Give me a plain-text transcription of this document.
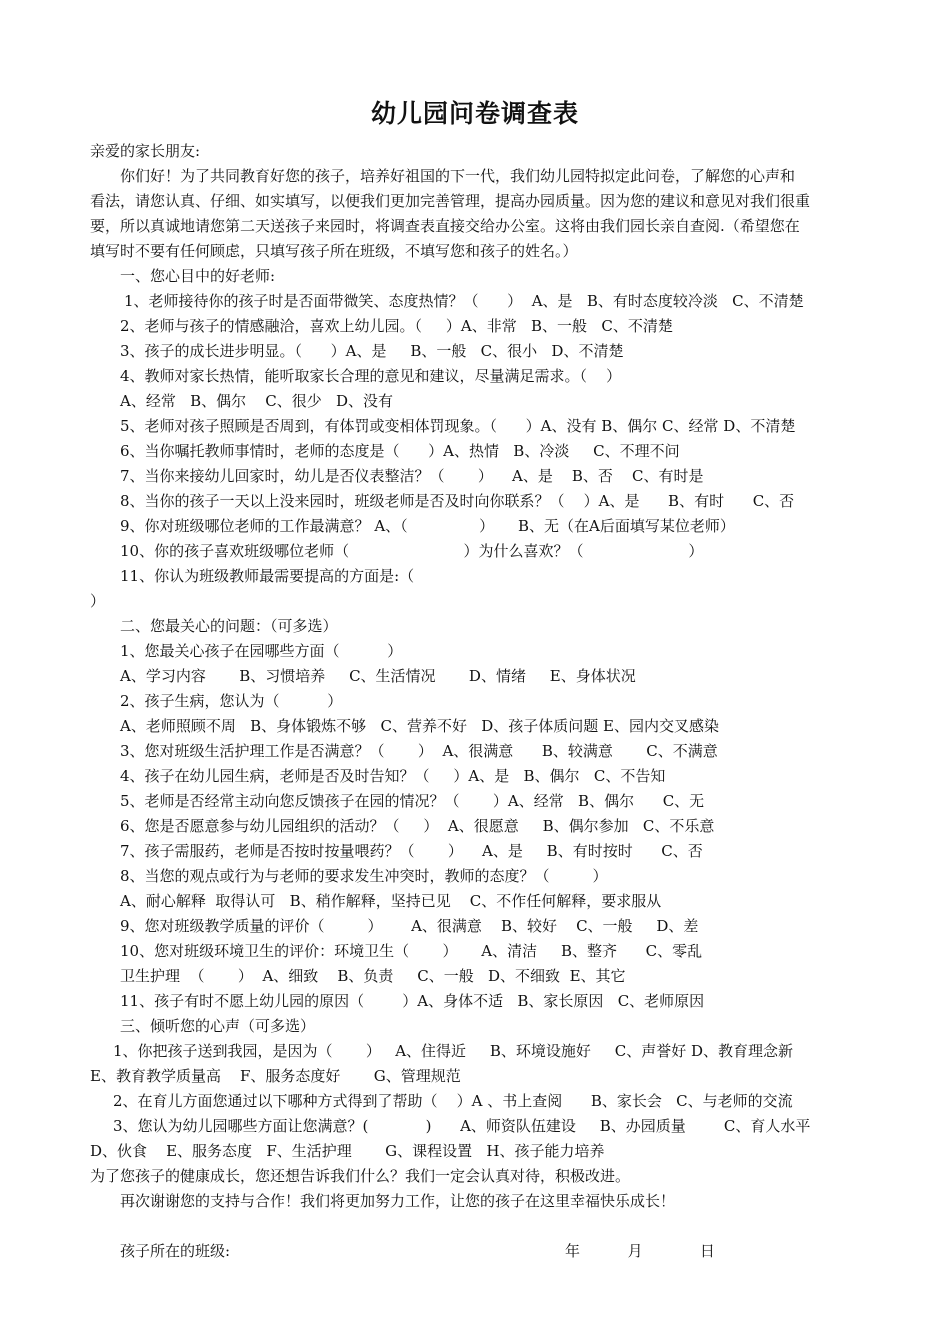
幼儿园问卷调查表
亲爱的家长朋友:
你们好！为了共同教育好您的孩子，培养好祖国的下一代，我们幼儿园特拟定此问卷，了解您的心声和
看法，请您认真、仔细、如实填写，以便我们更加完善管理，提高办园质量。因为您的建议和意见对我们很重
要，所以真诚地请您第二天送孩子来园时，将调查表直接交给办公室。这将由我们园长亲自查阅.（希望您在
填写时不要有任何顾虑，只填写孩子所在班级，不填写您和孩子的姓名。）
一、您心目中的好老师:
1、老师接待你的孩子时是否面带微笑、态度热情？（      ）  A、是   B、有时态度较冷淡   C、不清楚
2、老师与孩子的情感融洽，喜欢上幼儿园。（     ）A、非常   B、一般   C、不清楚
3、孩子的成长进步明显。（      ）A、是     B、一般   C、很小   D、不清楚
4、教师对家长热情，能听取家长合理的意见和建议，尽量满足需求。（    ）
A、经常   B、偶尔    C、很少   D、没有
5、老师对孩子照顾是否周到，有体罚或变相体罚现象。（      ）A、没有 B、偶尔 C、经常 D、不清楚
6、当你嘱托教师事情时，老师的态度是（      ）A、热情   B、冷淡     C、不理不问
7、当你来接幼儿回家时，幼儿是否仪表整洁？（       ）    A、是    B、否    C、有时是
8、当你的孩子一天以上没来园时，班级老师是否及时向你联系？（    ）A、是      B、有时      C、否
9、你对班级哪位老师的工作最满意？ A、（               ）     B、无（在A后面填写某位老师）
10、你的孩子喜欢班级哪位老师（                        ）为什么喜欢？（                      ）
11、你认为班级教师最需要提高的方面是:（
）
二、您最关心的问题：（可多选）
1、您最关心孩子在园哪些方面（          ）
A、学习内容       B、习惯培养     C、生活情况       D、情绪     E、身体状况
2、孩子生病，您认为（          ）
A、老师照顾不周   B、身体锻炼不够   C、营养不好   D、孩子体质问题 E、园内交叉感染
3、您对班级生活护理工作是否满意？（       ）  A、很满意      B、较满意       C、不满意
4、孩子在幼儿园生病，老师是否及时告知？（     ）A、是   B、偶尔   C、不告知
5、老师是否经常主动向您反馈孩子在园的情况？（       ）A、经常   B、偶尔      C、无
6、您是否愿意参与幼儿园组织的活动？（     ）  A、很愿意     B、偶尔参加   C、不乐意
7、孩子需服药，老师是否按时按量喂药？（       ）    A、是     B、有时按时      C、否
8、当您的观点或行为与老师的要求发生冲突时，教师的态度？（         ）
A、耐心解释  取得认可   B、稍作解释，坚持已见    C、不作任何解释，要求服从
9、您对班级教学质量的评价（         ）      A、很满意    B、较好    C、一般     D、差
10、您对班级环境卫生的评价：环境卫生（       ）     A、清洁     B、整齐      C、零乱
卫生护理  （       ）  A、细致    B、负责     C、一般   D、不细致  E、其它
11、孩子有时不愿上幼儿园的原因（        ）A、身体不适   B、家长原因   C、老师原因
三、倾听您的心声（可多选）
1、你把孩子送到我园，是因为（       ）   A、住得近     B、环境设施好     C、声誉好 D、教育理念新
E、教育教学质量高    F、服务态度好       G、管理规范
2、在育儿方面您通过以下哪种方式得到了帮助（    ）A 、书上查阅      B、家长会   C、与老师的交流
3、您认为幼儿园哪些方面让您满意？(            )      A、师资队伍建设     B、办园质量        C、育人水平
D、伙食    E、服务态度   F、生活护理       G、课程设置   H、孩子能力培养
为了您孩子的健康成长，您还想告诉我们什么？我们一定会认真对待，积极改进。
再次谢谢您的支持与合作！我们将更加努力工作，让您的孩子在这里幸福快乐成长！
孩子所在的班级:	年          月            日
